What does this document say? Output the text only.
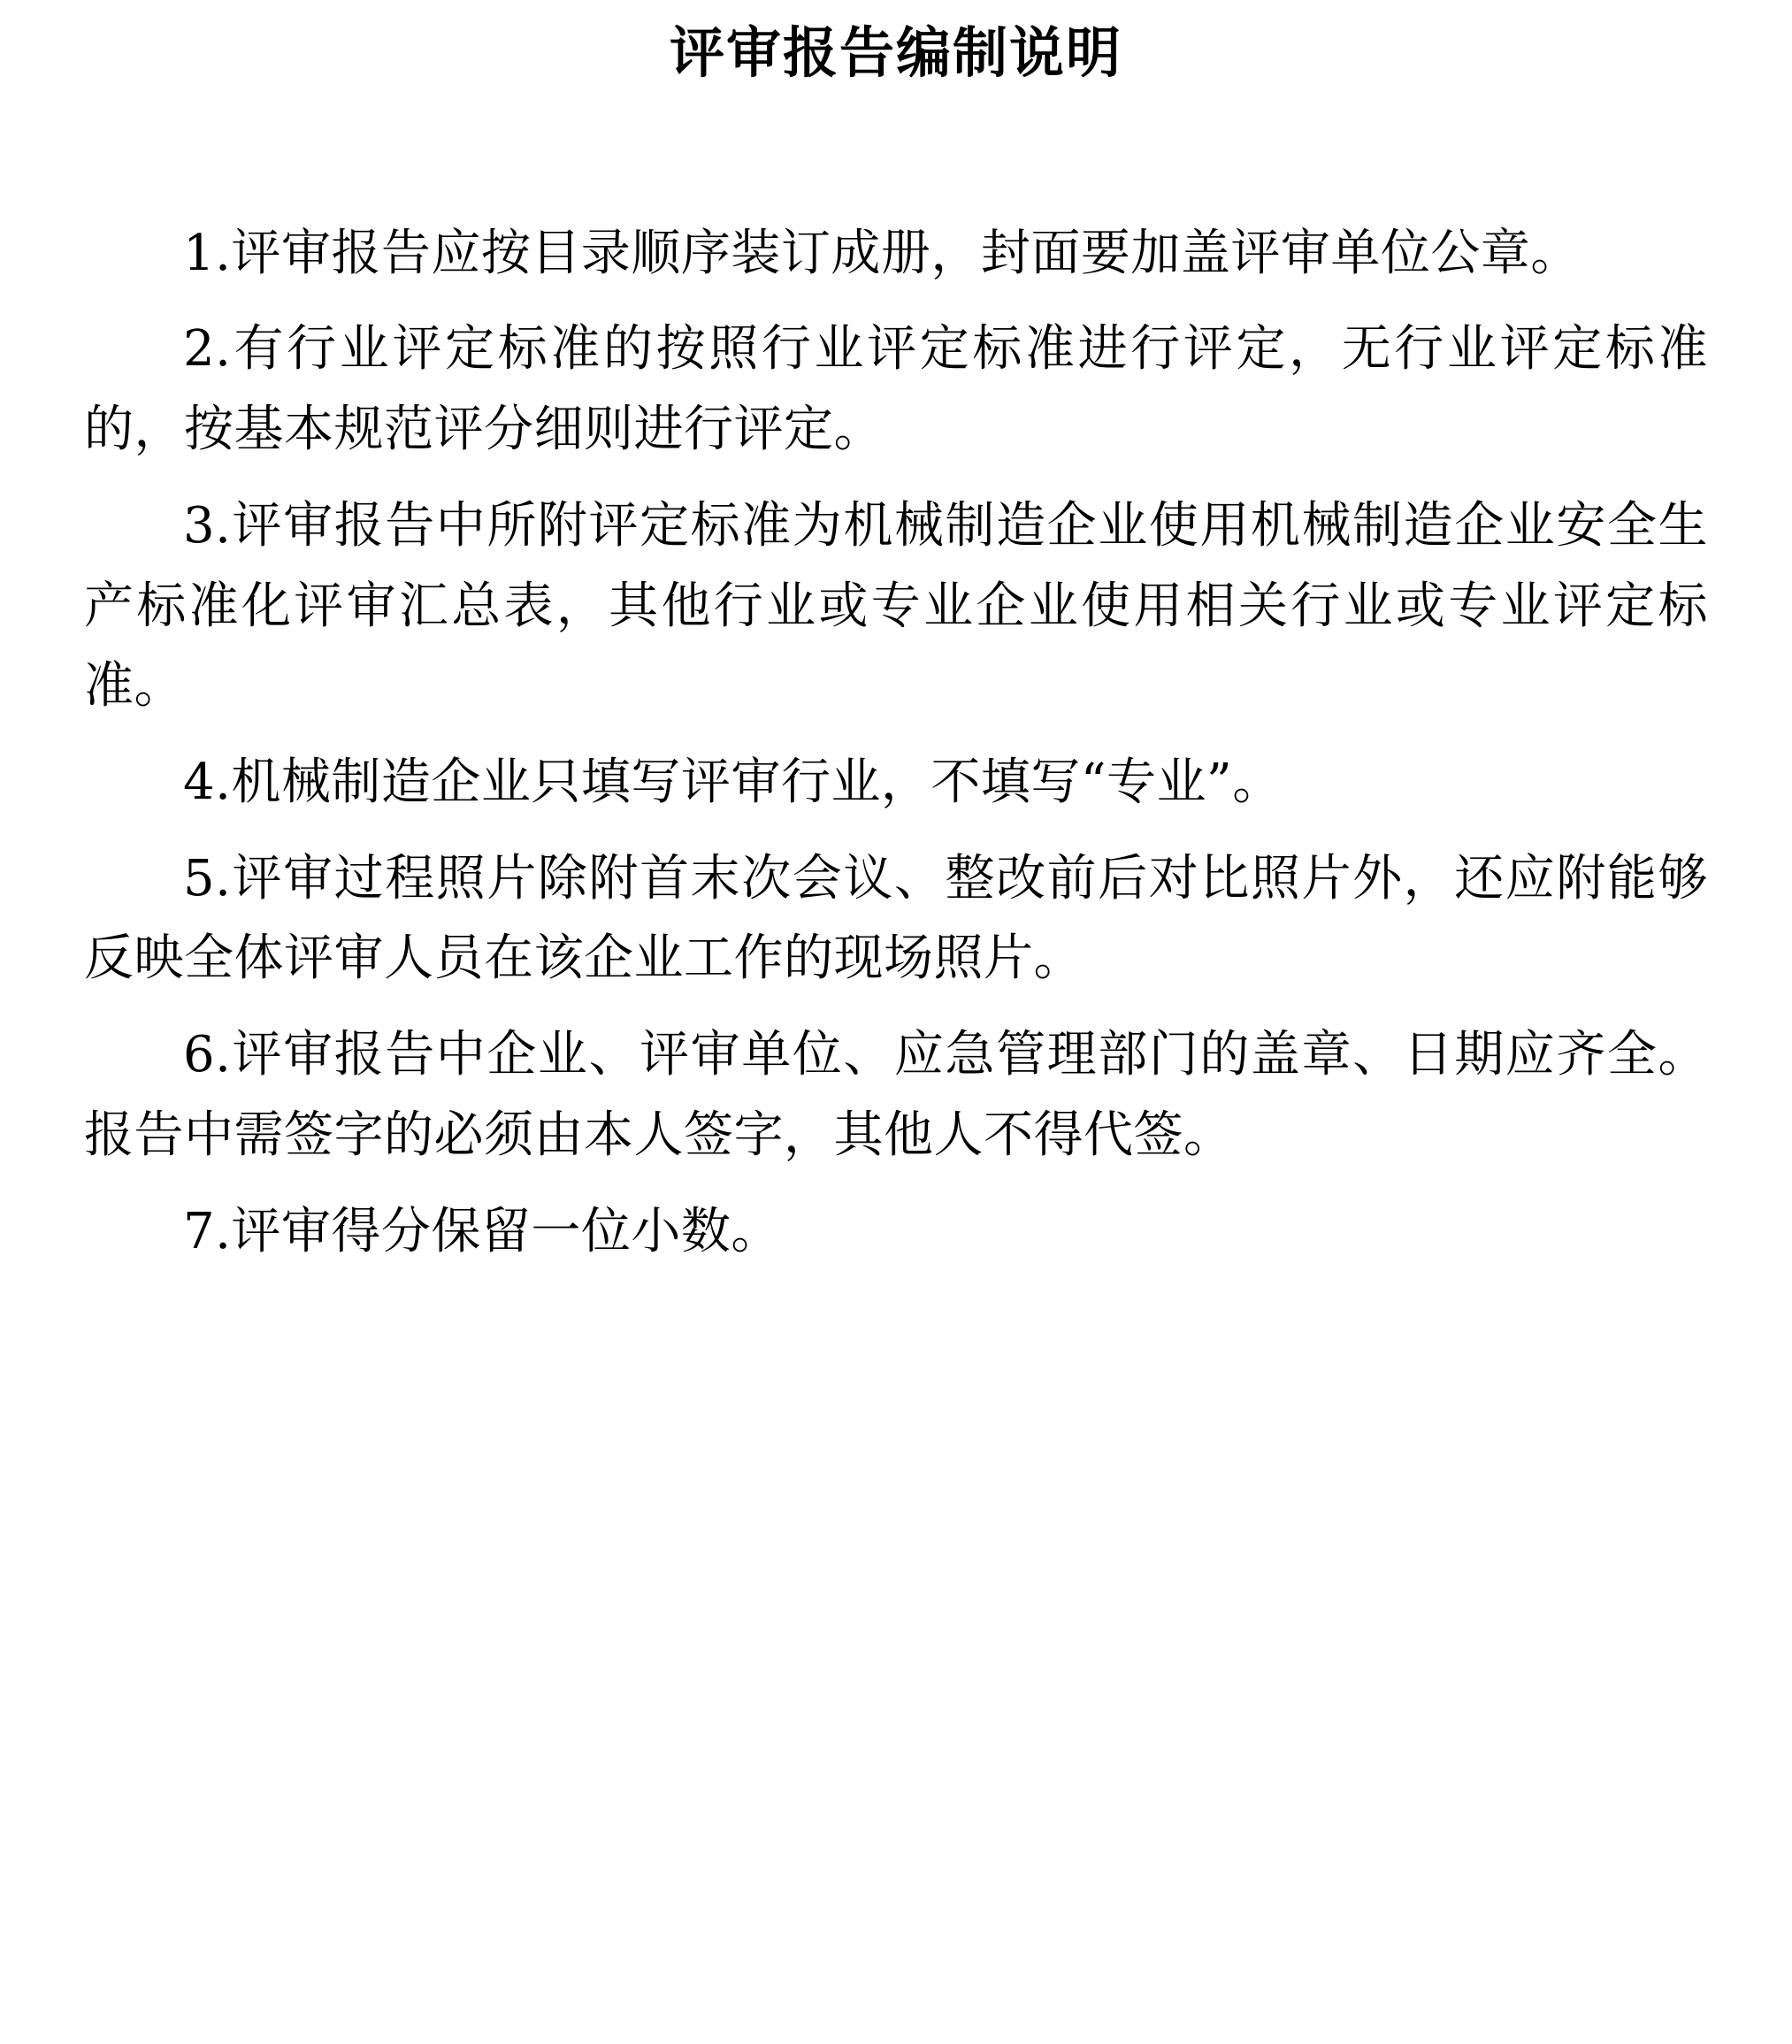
评审报告编制说明

1.评审报告应按目录顺序装订成册，封面要加盖评审单位公章。

2.有行业评定标准的按照行业评定标准进行评定，无行业评定标准的，按基本规范评分细则进行评定。

3.评审报告中所附评定标准为机械制造企业使用机械制造企业安全生产标准化评审汇总表，其他行业或专业企业使用相关行业或专业评定标准。

4.机械制造企业只填写评审行业，不填写“专业”。

5.评审过程照片除附首末次会议、整改前后对比照片外，还应附能够反映全体评审人员在该企业工作的现场照片。

6.评审报告中企业、评审单位、应急管理部门的盖章、日期应齐全。报告中需签字的必须由本人签字，其他人不得代签。

7.评审得分保留一位小数。
